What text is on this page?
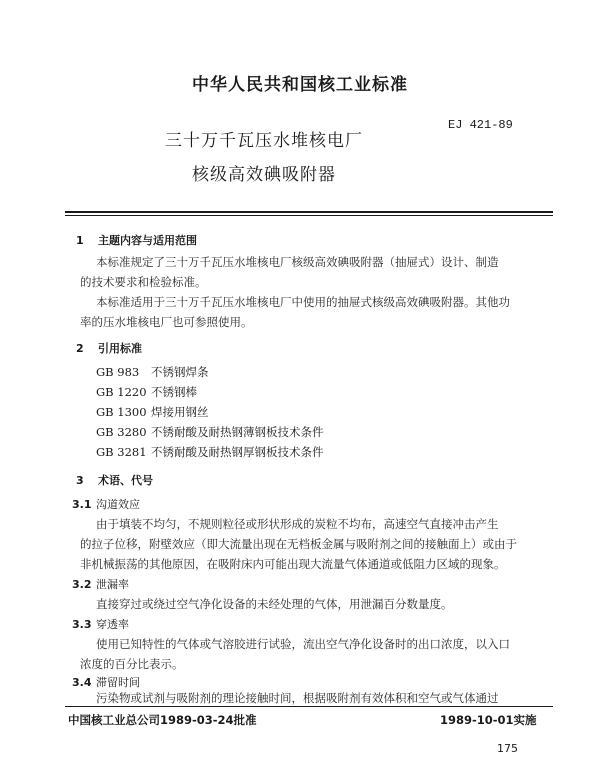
中华人民共和国核工业标准
EJ 421-89
三十万千瓦压水堆核电厂
核级高效碘吸附器
1 主题内容与适用范围
本标准规定了三十万千瓦压水堆核电厂核级高效碘吸附器（抽屉式）设计、制造
的技术要求和检验标准。
本标准适用于三十万千瓦压水堆核电厂中使用的抽屉式核级高效碘吸附器。其他功
率的压水堆核电厂也可参照使用。
2 引用标准
GB 983 不锈钢焊条
GB 1220 不锈钢棒
GB 1300 焊接用钢丝
GB 3280 不锈耐酸及耐热钢薄钢板技术条件
GB 3281 不锈耐酸及耐热钢厚钢板技术条件
3 术语、代号
3.1 沟道效应
由于填装不均匀，不规则粒径或形状形成的炭粒不均布，高速空气直接冲击产生
的拉子位移，附壁效应（即大流量出现在无档板金属与吸附剂之间的接触面上）或由于
非机械振荡的其他原因，在吸附床内可能出现大流量气体通道或低阻力区域的现象。
3.2 泄漏率
直接穿过或绕过空气净化设备的未经处理的气体，用泄漏百分数量度。
3.3 穿透率
使用已知特性的气体或气溶胶进行试验，流出空气净化设备时的出口浓度，以入口
浓度的百分比表示。
3.4 滞留时间
污染物或试剂与吸附剂的理论接触时间，根据吸附剂有效体积和空气或气体通过
中国核工业总公司1989-03-24批准	1989-10-01实施
175
